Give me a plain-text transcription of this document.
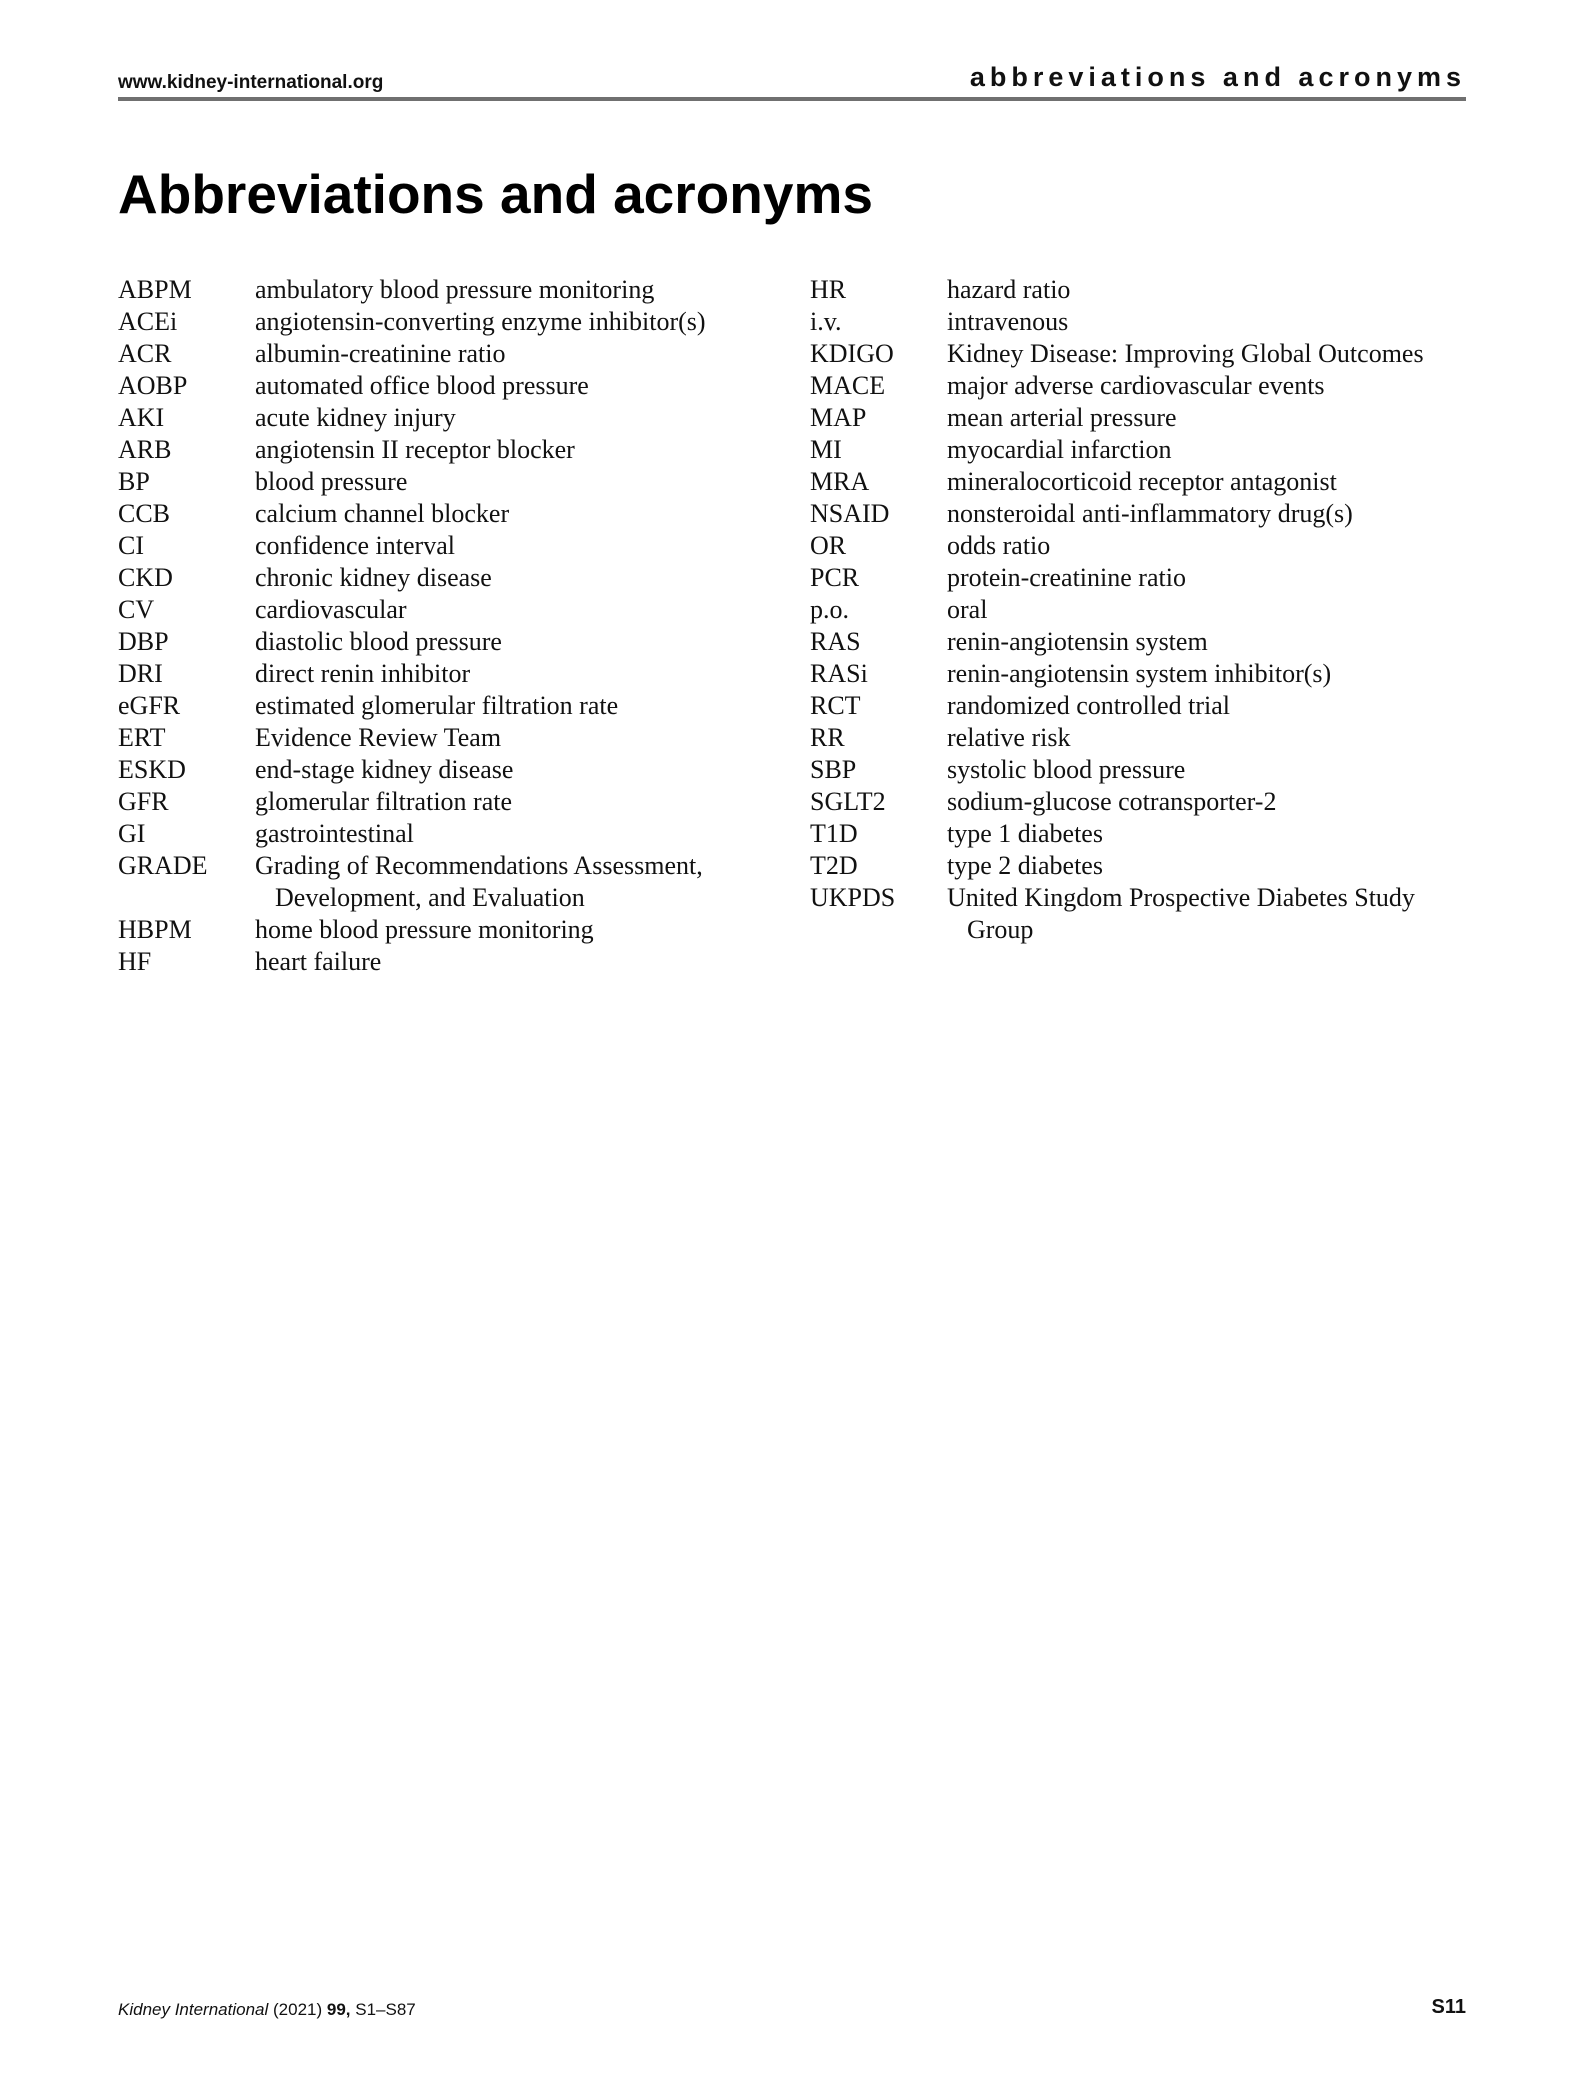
www.kidney-international.org	abbreviations and acronyms
Abbreviations and acronyms
ABPM	ambulatory blood pressure monitoring
ACEi	angiotensin-converting enzyme inhibitor(s)
ACR	albumin-creatinine ratio
AOBP	automated office blood pressure
AKI	acute kidney injury
ARB	angiotensin II receptor blocker
BP	blood pressure
CCB	calcium channel blocker
CI	confidence interval
CKD	chronic kidney disease
CV	cardiovascular
DBP	diastolic blood pressure
DRI	direct renin inhibitor
eGFR	estimated glomerular filtration rate
ERT	Evidence Review Team
ESKD	end-stage kidney disease
GFR	glomerular filtration rate
GI	gastrointestinal
GRADE	Grading of Recommendations Assessment, Development, and Evaluation
HBPM	home blood pressure monitoring
HF	heart failure
HR	hazard ratio
i.v.	intravenous
KDIGO	Kidney Disease: Improving Global Outcomes
MACE	major adverse cardiovascular events
MAP	mean arterial pressure
MI	myocardial infarction
MRA	mineralocorticoid receptor antagonist
NSAID	nonsteroidal anti-inflammatory drug(s)
OR	odds ratio
PCR	protein-creatinine ratio
p.o.	oral
RAS	renin-angiotensin system
RASi	renin-angiotensin system inhibitor(s)
RCT	randomized controlled trial
RR	relative risk
SBP	systolic blood pressure
SGLT2	sodium-glucose cotransporter-2
T1D	type 1 diabetes
T2D	type 2 diabetes
UKPDS	United Kingdom Prospective Diabetes Study Group
Kidney International (2021) 99, S1–S87	S11
